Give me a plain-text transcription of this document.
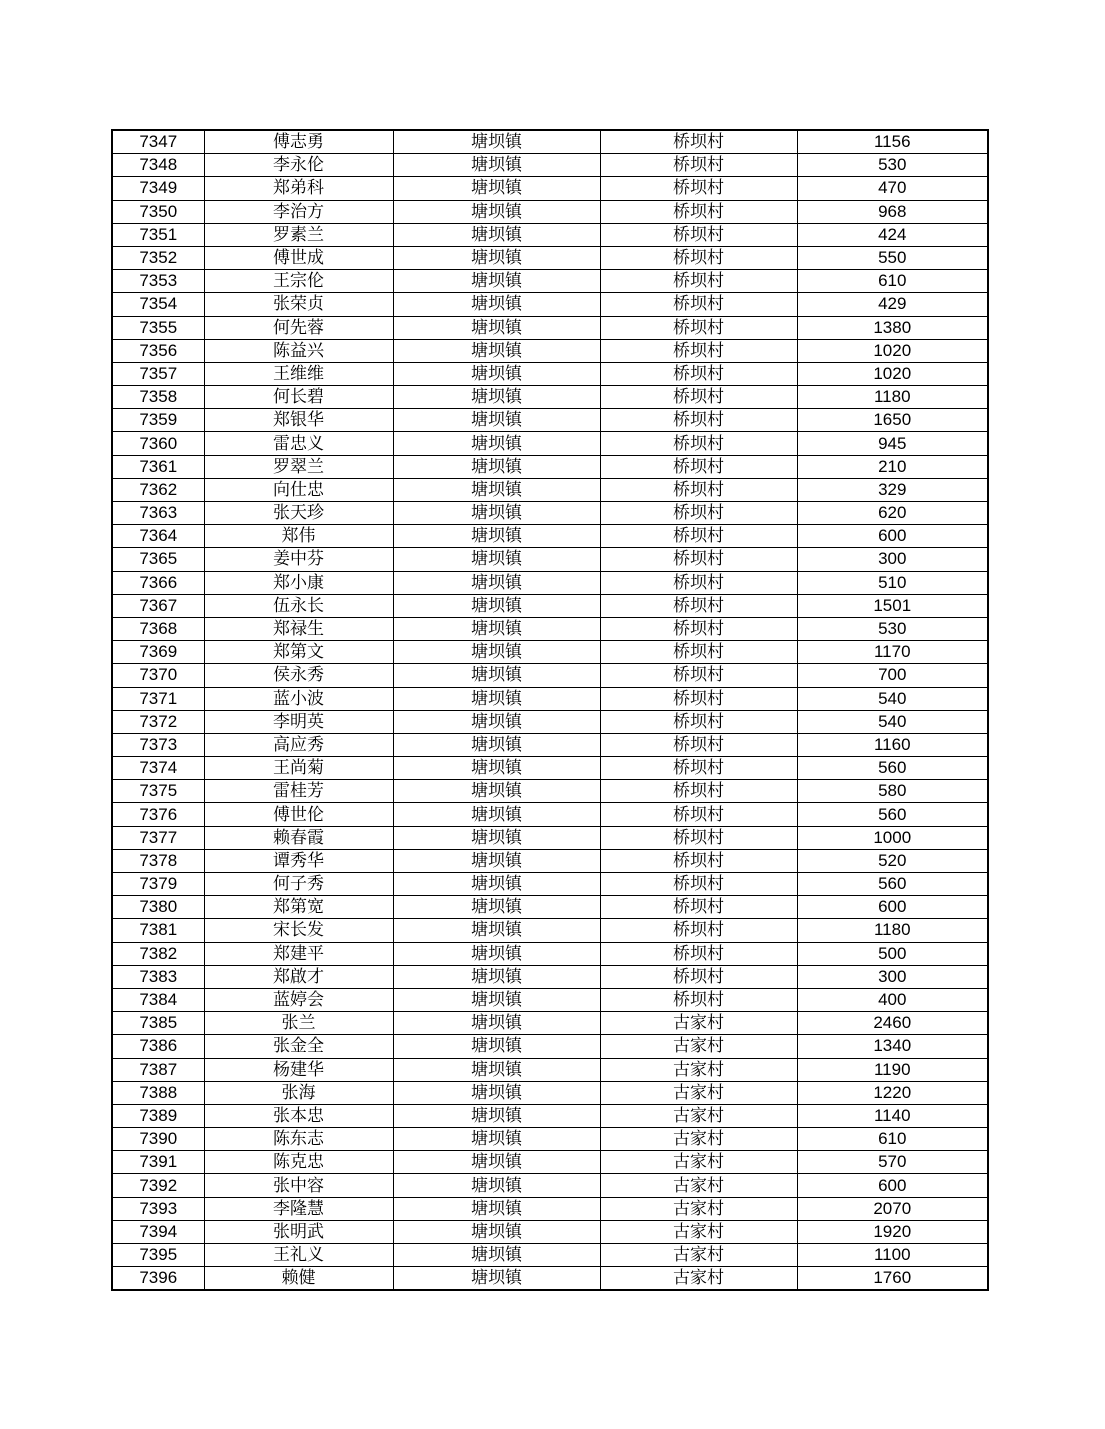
7347	傅志勇	塘坝镇	桥坝村	1156
7348	李永伦	塘坝镇	桥坝村	530
7349	郑弟科	塘坝镇	桥坝村	470
7350	李治方	塘坝镇	桥坝村	968
7351	罗素兰	塘坝镇	桥坝村	424
7352	傅世成	塘坝镇	桥坝村	550
7353	王宗伦	塘坝镇	桥坝村	610
7354	张荣贞	塘坝镇	桥坝村	429
7355	何先蓉	塘坝镇	桥坝村	1380
7356	陈益兴	塘坝镇	桥坝村	1020
7357	王维维	塘坝镇	桥坝村	1020
7358	何长碧	塘坝镇	桥坝村	1180
7359	郑银华	塘坝镇	桥坝村	1650
7360	雷忠义	塘坝镇	桥坝村	945
7361	罗翠兰	塘坝镇	桥坝村	210
7362	向仕忠	塘坝镇	桥坝村	329
7363	张天珍	塘坝镇	桥坝村	620
7364	郑伟	塘坝镇	桥坝村	600
7365	姜中芬	塘坝镇	桥坝村	300
7366	郑小康	塘坝镇	桥坝村	510
7367	伍永长	塘坝镇	桥坝村	1501
7368	郑禄生	塘坝镇	桥坝村	530
7369	郑第文	塘坝镇	桥坝村	1170
7370	侯永秀	塘坝镇	桥坝村	700
7371	蓝小波	塘坝镇	桥坝村	540
7372	李明英	塘坝镇	桥坝村	540
7373	高应秀	塘坝镇	桥坝村	1160
7374	王尚菊	塘坝镇	桥坝村	560
7375	雷桂芳	塘坝镇	桥坝村	580
7376	傅世伦	塘坝镇	桥坝村	560
7377	赖春霞	塘坝镇	桥坝村	1000
7378	谭秀华	塘坝镇	桥坝村	520
7379	何子秀	塘坝镇	桥坝村	560
7380	郑第宽	塘坝镇	桥坝村	600
7381	宋长发	塘坝镇	桥坝村	1180
7382	郑建平	塘坝镇	桥坝村	500
7383	郑啟才	塘坝镇	桥坝村	300
7384	蓝婷会	塘坝镇	桥坝村	400
7385	张兰	塘坝镇	古家村	2460
7386	张金全	塘坝镇	古家村	1340
7387	杨建华	塘坝镇	古家村	1190
7388	张海	塘坝镇	古家村	1220
7389	张本忠	塘坝镇	古家村	1140
7390	陈东志	塘坝镇	古家村	610
7391	陈克忠	塘坝镇	古家村	570
7392	张中容	塘坝镇	古家村	600
7393	李隆慧	塘坝镇	古家村	2070
7394	张明武	塘坝镇	古家村	1920
7395	王礼义	塘坝镇	古家村	1100
7396	赖健	塘坝镇	古家村	1760
